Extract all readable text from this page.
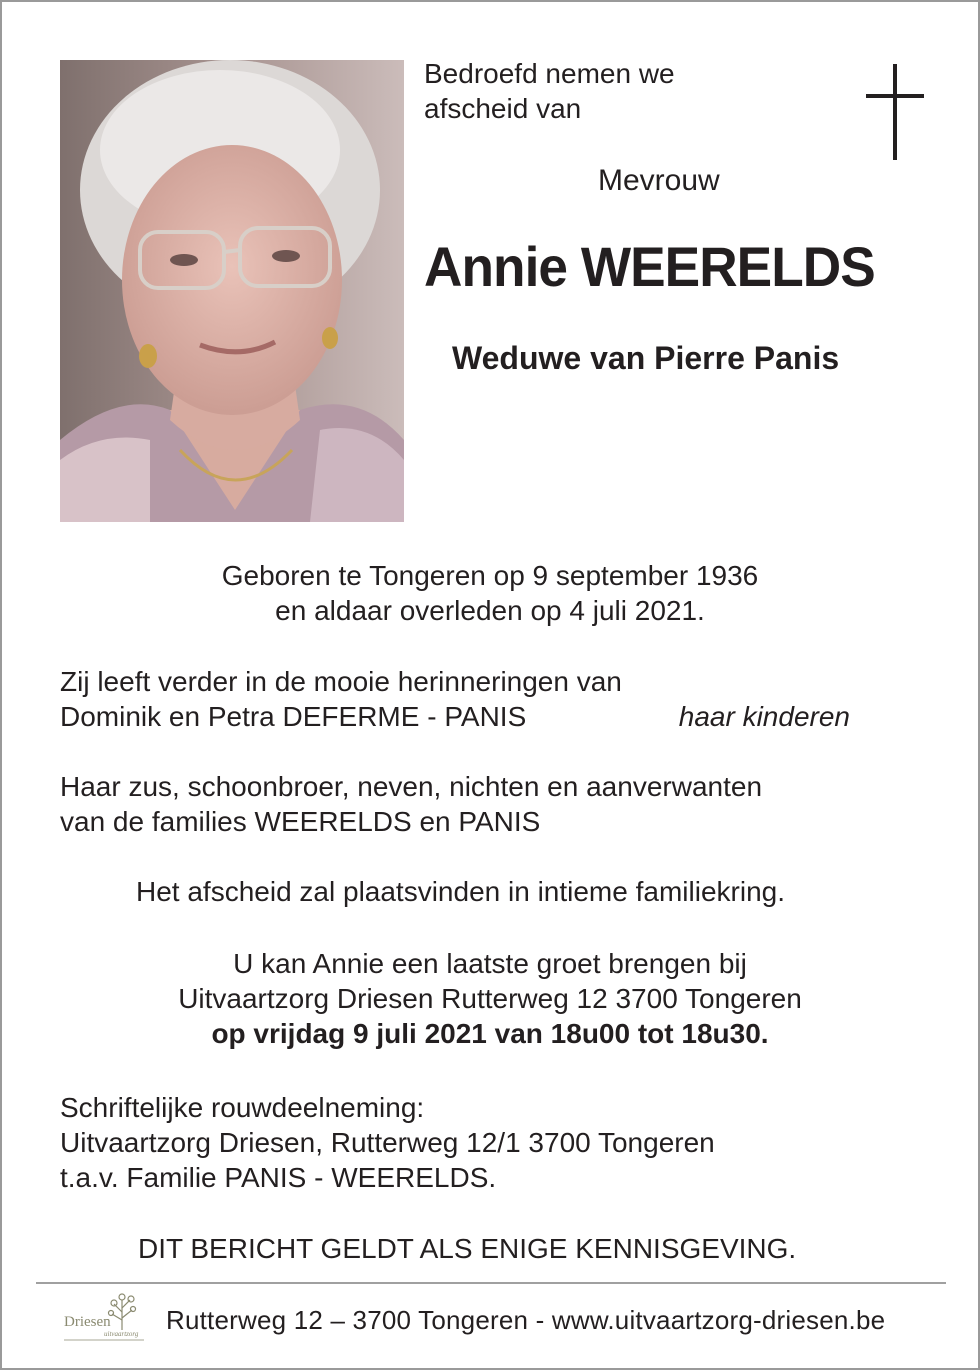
Bedroefd nemen we
afscheid van
Mevrouw
Annie WEERELDS
Weduwe van Pierre Panis
Geboren te Tongeren op 9 september 1936
en aldaar overleden op 4 juli 2021.
Zij leeft verder in de mooie herinneringen van
Dominik en Petra DEFERME - PANIS	haar kinderen
Haar zus, schoonbroer, neven, nichten en aanverwanten
van de families WEERELDS en PANIS
Het afscheid zal plaatsvinden in intieme familiekring.
U kan Annie een laatste groet brengen bij
Uitvaartzorg Driesen Rutterweg 12 3700 Tongeren
op vrijdag 9 juli 2021 van 18u00 tot 18u30.
Schriftelijke rouwdeelneming:
Uitvaartzorg Driesen, Rutterweg 12/1 3700 Tongeren
t.a.v. Familie PANIS - WEERELDS.
DIT BERICHT GELDT ALS ENIGE KENNISGEVING.
Driesen
uitvaartzorg Rutterweg 12 – 3700 Tongeren - www.uitvaartzorg-driesen.be
